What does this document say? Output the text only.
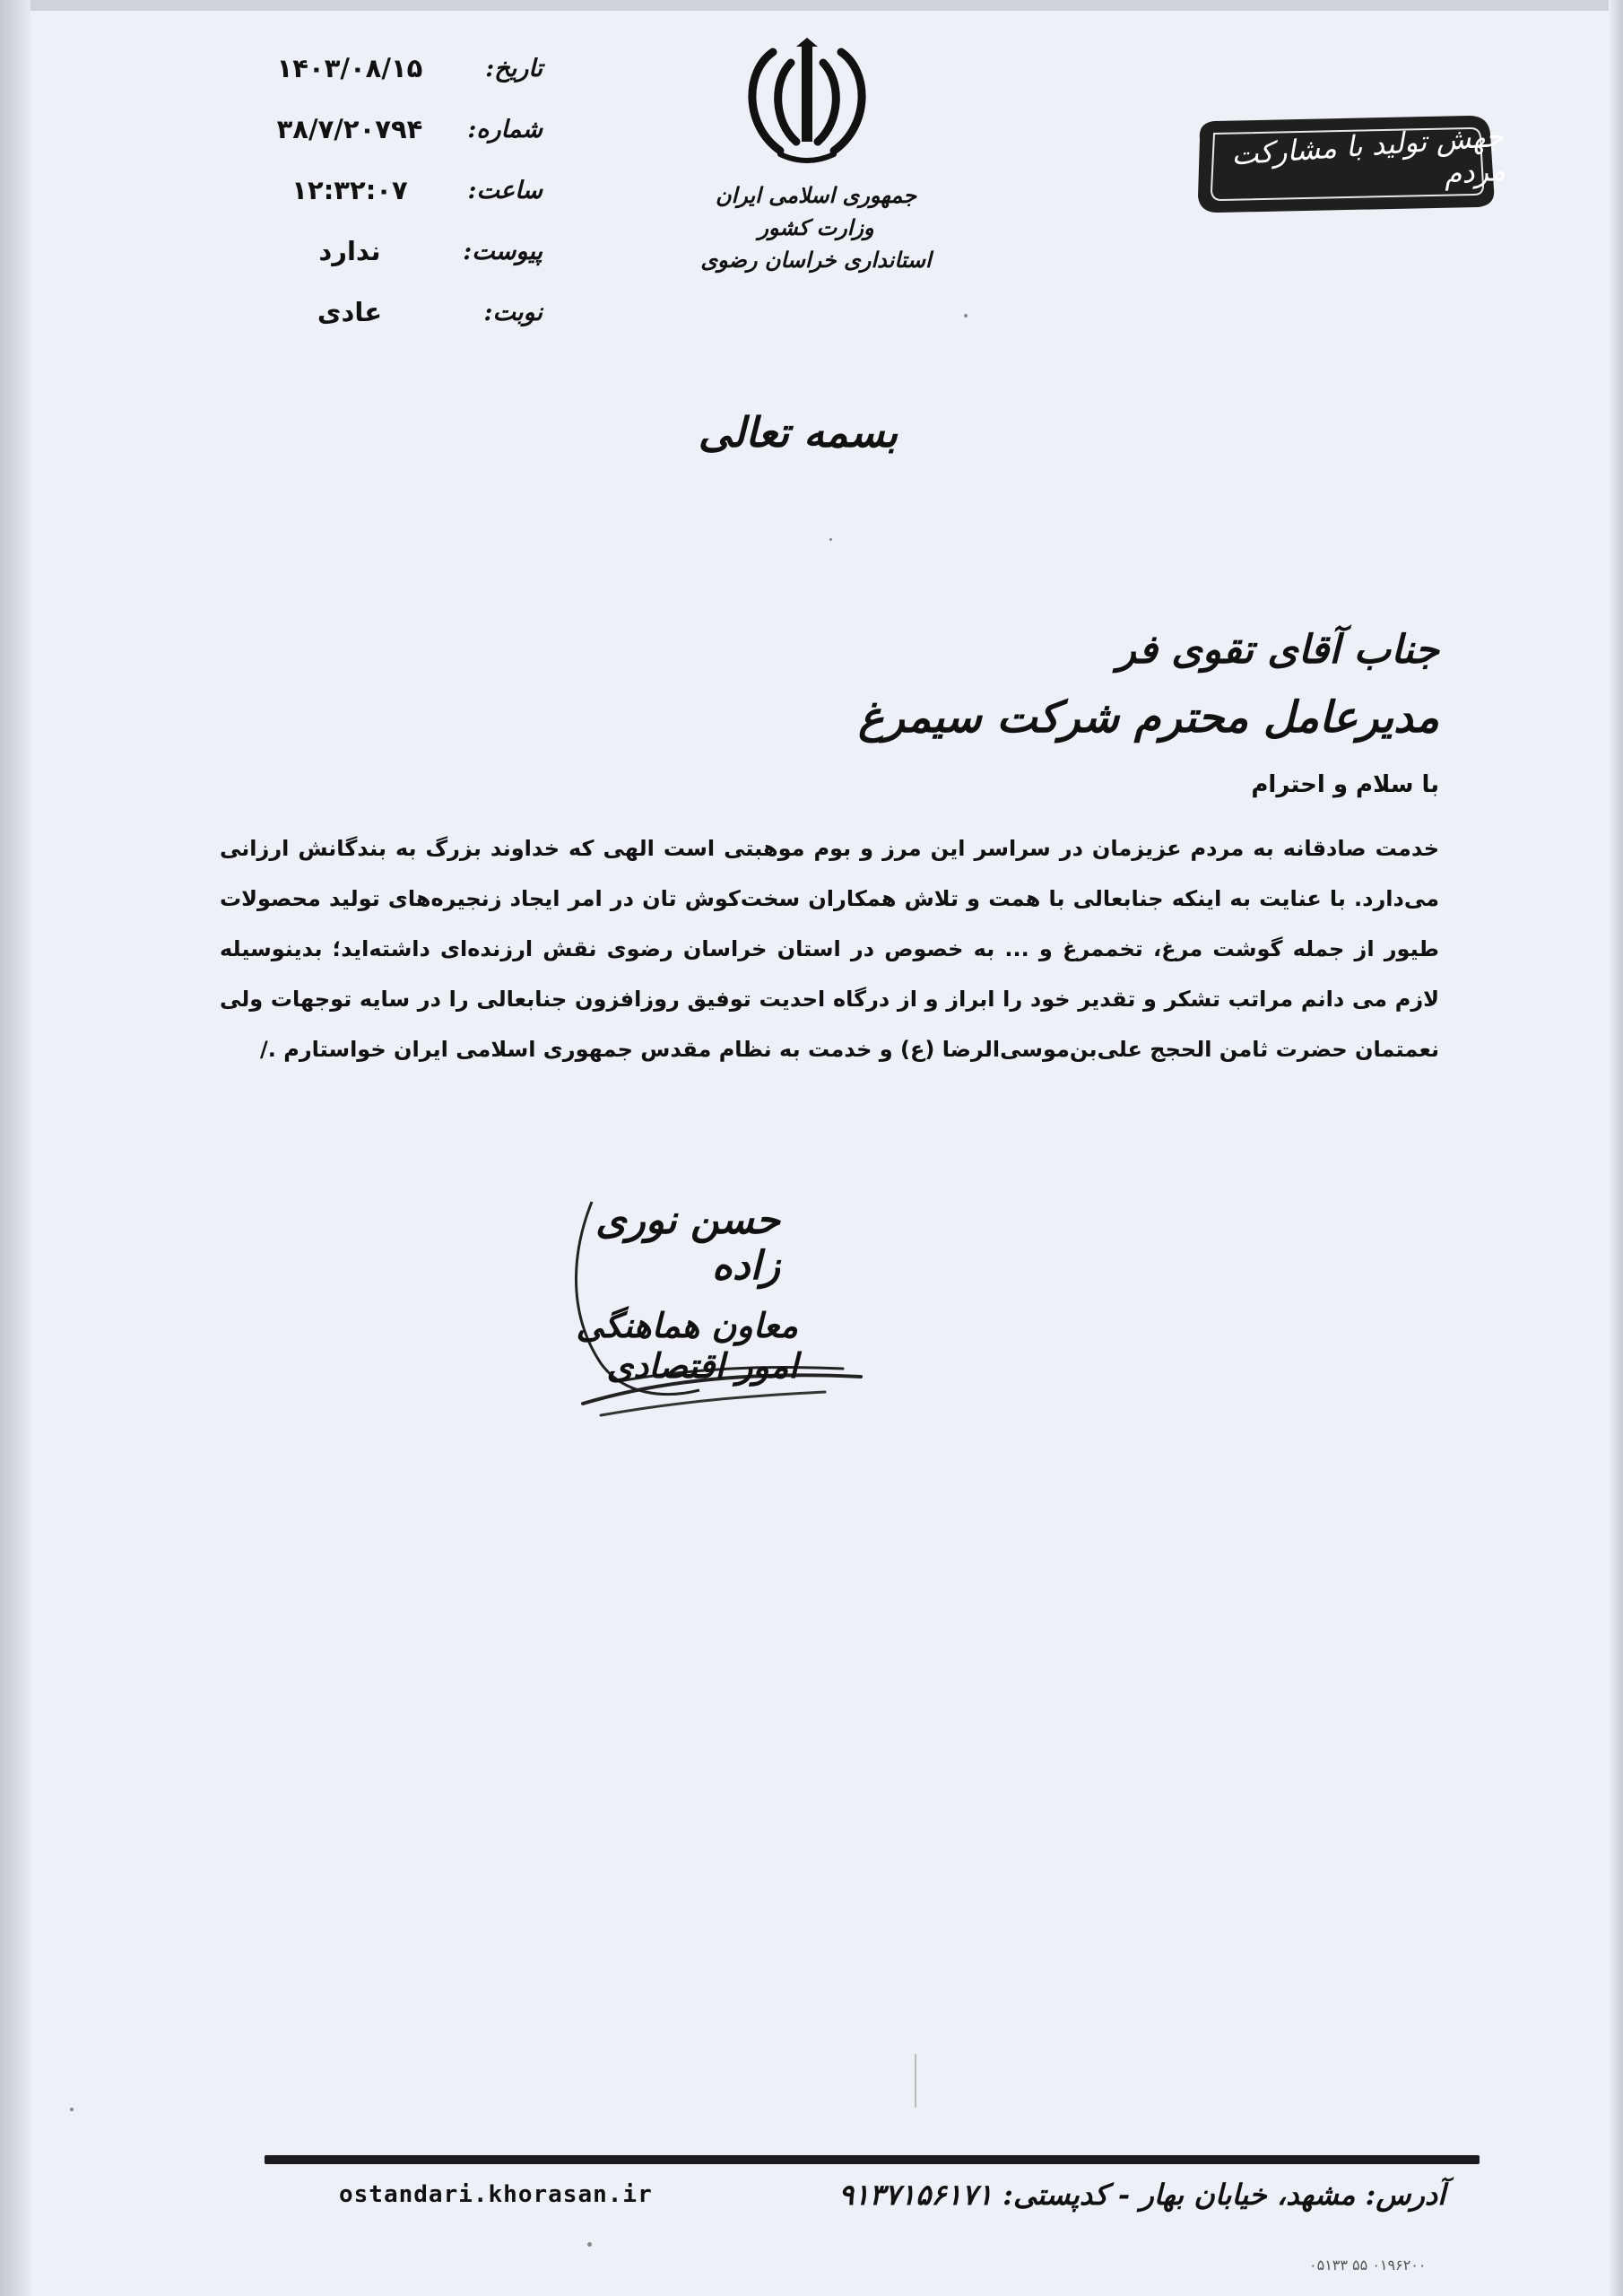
تاریخ:
۱۴۰۳/۰۸/۱۵
شماره:
۳۸/۷/۲۰۷۹۴
ساعت:
۱۲:۳۲:۰۷
پیوست:
ندارد
نوبت:
عادی
جمهوری اسلامی ایران
وزارت کشور
استانداری خراسان رضوی
جهش تولید با مشارکت مردم
بسمه تعالی
جناب آقای تقوی فر
مدیرعامل محترم شرکت سیمرغ
با سلام و احترام
خدمت صادقانه به مردم عزیزمان در سراسر این مرز و بوم موهبتی است الهی که خداوند بزرگ به بندگانش ارزانی می‌دارد. با عنایت به اینکه جنابعالی با همت و تلاش همکاران سخت‌کوش تان در امر ایجاد زنجیره‌های تولید محصولات طیور از جمله گوشت مرغ، تخممرغ و ... به خصوص در استان خراسان رضوی نقش ارزنده‌ای داشته‌اید؛ بدینوسیله لازم می دانم مراتب تشکر و تقدیر خود را ابراز و از درگاه احدیت توفیق روزافزون جنابعالی را در سایه توجهات ولی نعمتمان حضرت ثامن الحجج علی‌بن‌موسی‌الرضا (ع) و خدمت به نظام مقدس جمهوری اسلامی ایران خواستارم ./
حسن نوری زاده
معاون هماهنگی امور اقتصادی
ostandari.khorasan.ir	آدرس: مشهد، خیابان بهار - کدپستی: ۹۱۳۷۱۵۶۱۷۱
۰۵۱۳۳ ۵۵ ۰۱۹۶۲۰۰
